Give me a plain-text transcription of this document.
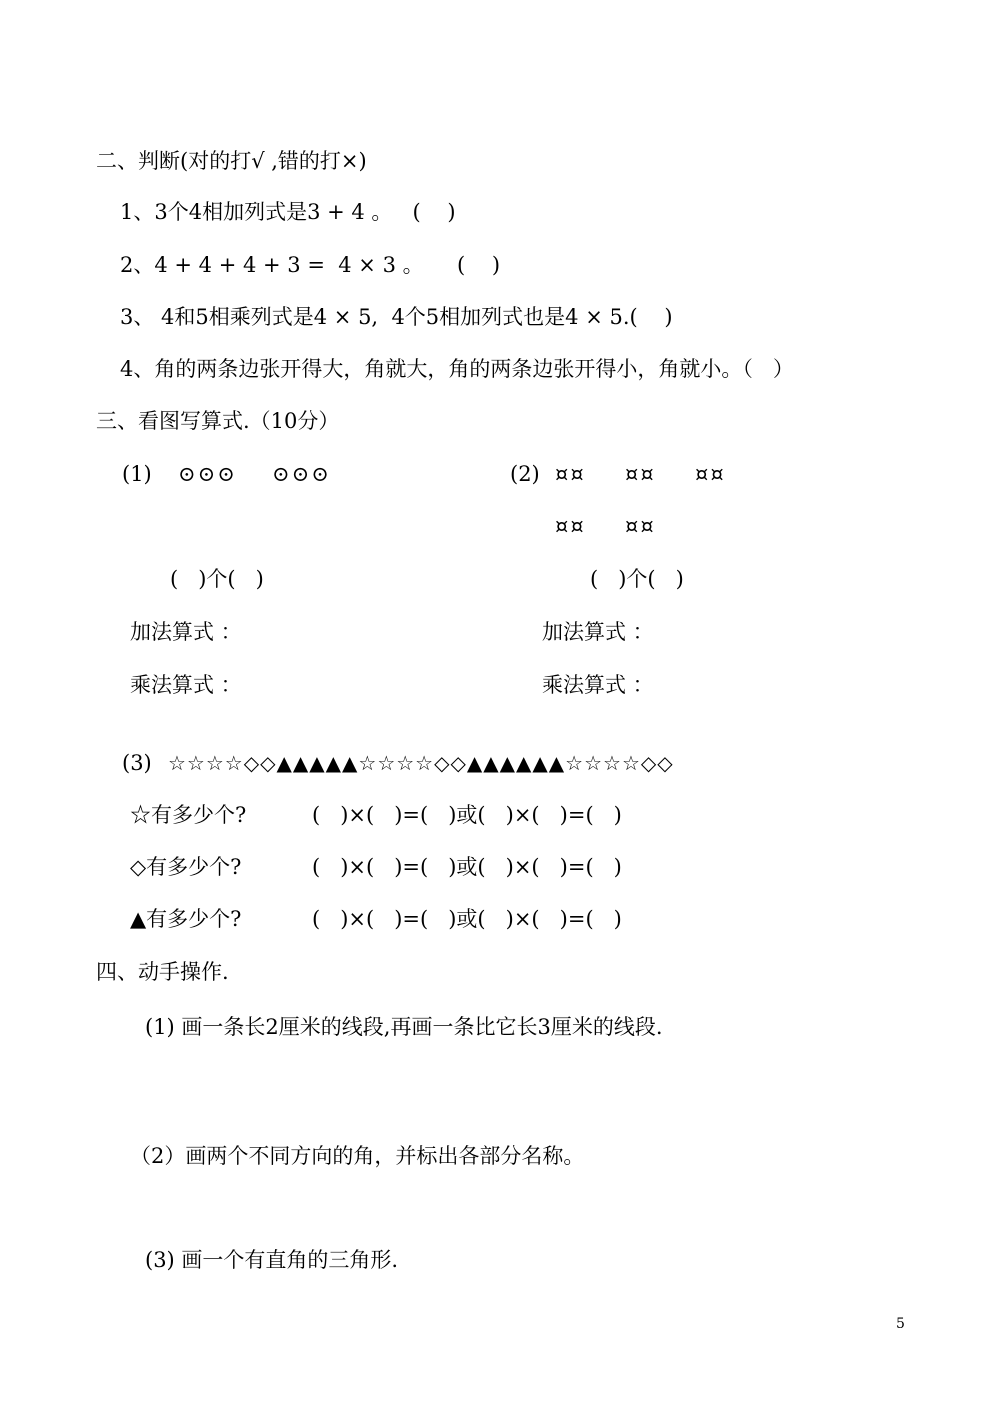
二、判断(对的打√ ,错的打×)
1、3个4相加列式是3 + 4 。   (    )
2、4 + 4 + 4 + 3 =  4 × 3 。     (    )
3、 4和5相乘列式是4 × 5,  4个5相加列式也是4 × 5.(    )
4、角的两条边张开得大，角就大，角的两条边张开得小，角就小。（   ）
三、看图写算式.（10分）
(1) ⊙⊙⊙ ⊙⊙⊙
(   )个(   )
加法算式 ：
乘法算式 ：
(2) ¤¤ ¤¤ ¤¤
¤¤ ¤¤
(   )个(   )
加法算式 ：
乘法算式 ：
(3) ☆☆☆☆◇◇▲▲▲▲▲☆☆☆☆◇◇▲▲▲▲▲▲☆☆☆☆◇◇
☆有多少个?	(   )×(   )=(   )或(   )×(   )=(   )
◇有多少个?	(   )×(   )=(   )或(   )×(   )=(   )
▲有多少个?	(   )×(   )=(   )或(   )×(   )=(   )
四、动手操作.
(1) 画一条长2厘米的线段,再画一条比它长3厘米的线段.
（2）画两个不同方向的角，并标出各部分名称。
(3) 画一个有直角的三角形.
5
